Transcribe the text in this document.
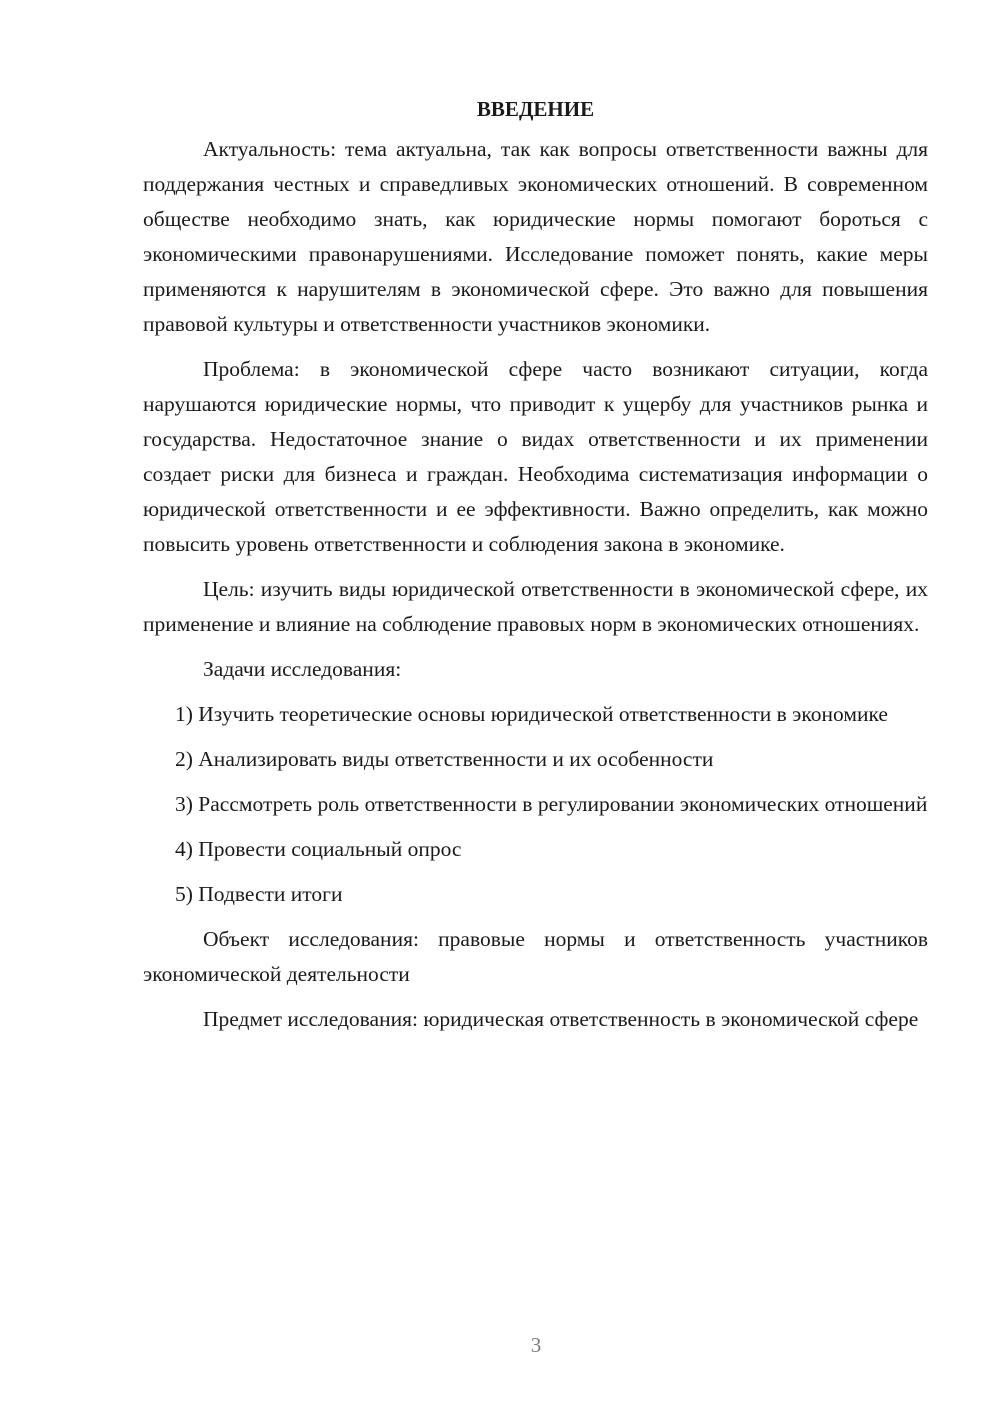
ВВЕДЕНИЕ

Актуальность: тема актуальна, так как вопросы ответственности важны для поддержания честных и справедливых экономических отношений. В современном обществе необходимо знать, как юридические нормы помогают бороться с экономическими правонарушениями. Исследование поможет понять, какие меры применяются к нарушителям в экономической сфере. Это важно для повышения правовой культуры и ответственности участников экономики.

Проблема: в экономической сфере часто возникают ситуации, когда нарушаются юридические нормы, что приводит к ущербу для участников рынка и государства. Недостаточное знание о видах ответственности и их применении создает риски для бизнеса и граждан. Необходима систематизация информации о юридической ответственности и ее эффективности. Важно определить, как можно повысить уровень ответственности и соблюдения закона в экономике.

Цель: изучить виды юридической ответственности в экономической сфере, их применение и влияние на соблюдение правовых норм в экономических отношениях.

Задачи исследования:

1) Изучить теоретические основы юридической ответственности в экономике

2) Анализировать виды ответственности и их особенности

3) Рассмотреть роль ответственности в регулировании экономических отношений

4) Провести социальный опрос

5) Подвести итоги

Объект исследования: правовые нормы и ответственность участников экономической деятельности

Предмет исследования: юридическая ответственность в экономической сфере

3
